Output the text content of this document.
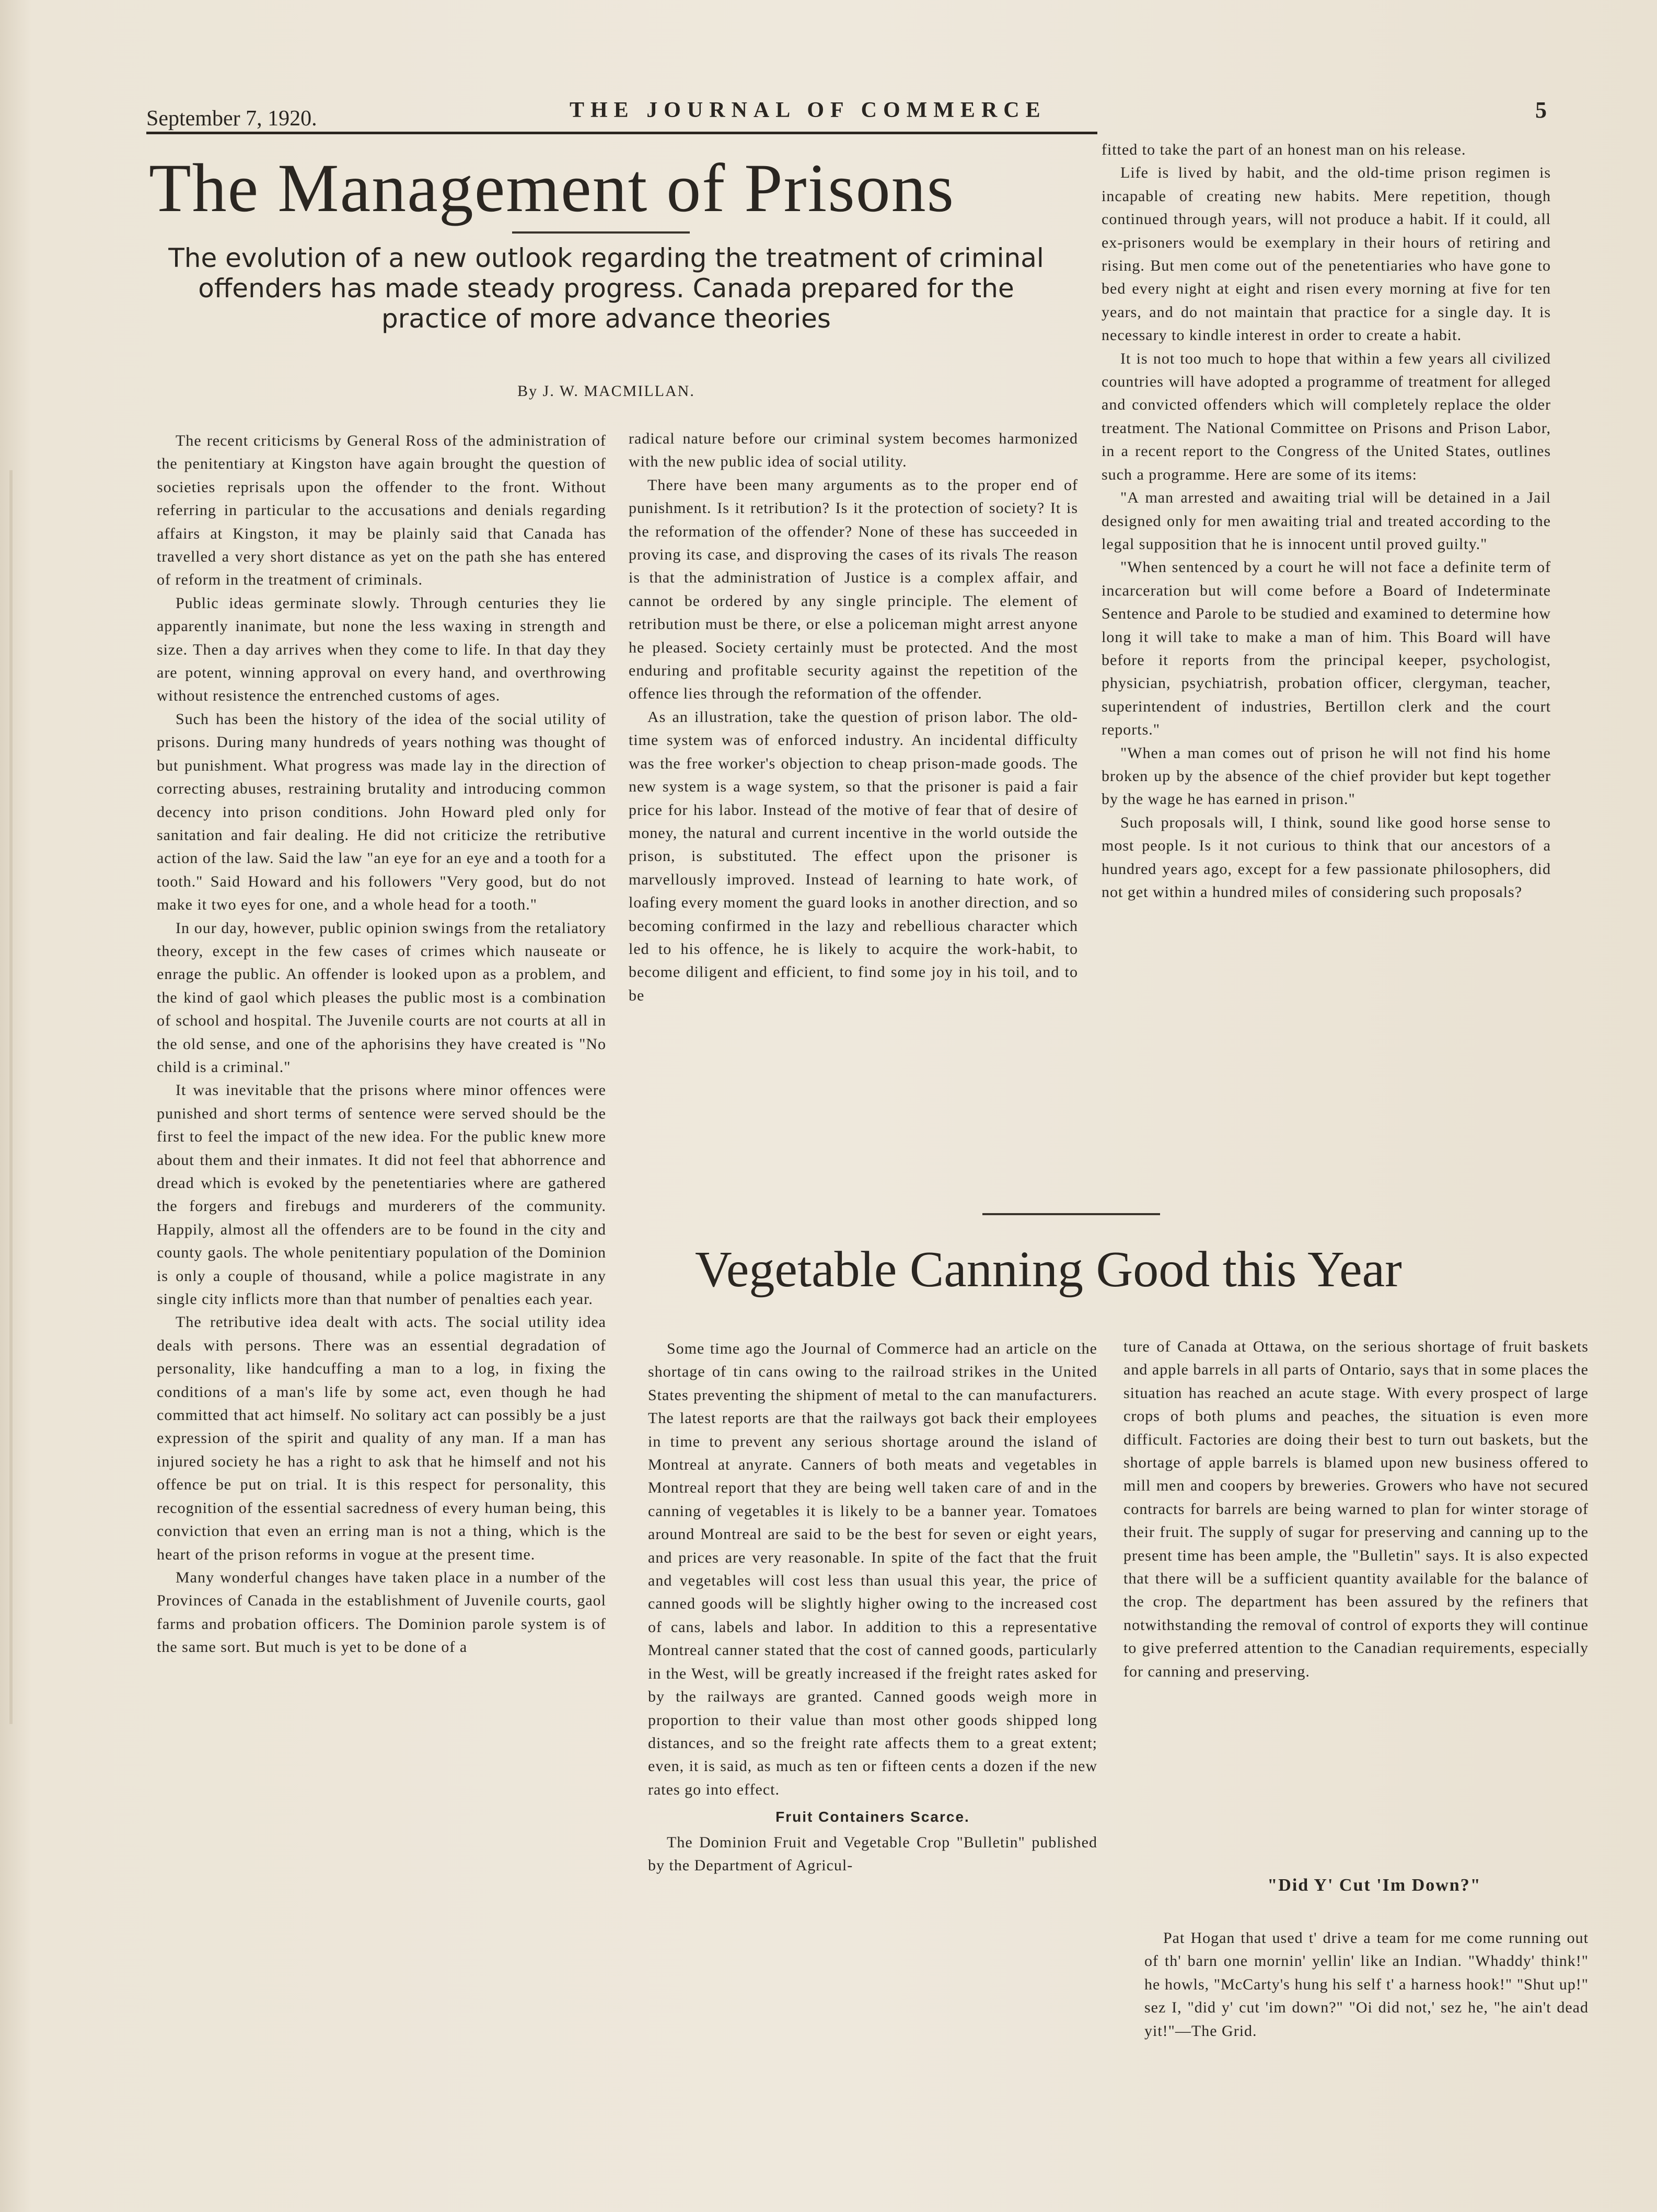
September 7, 1920.	THE JOURNAL OF COMMERCE	5
The Management of Prisons
The evolution of a new outlook regarding the treatment of criminal offenders has made steady progress. Canada prepared for the practice of more advance theories
By J. W. MACMILLAN.

The recent criticisms by General Ross of the administration of the penitentiary at Kingston have again brought the question of societies reprisals upon the offender to the front. Without referring in particular to the accusations and denials regarding affairs at Kingston, it may be plainly said that Canada has travelled a very short distance as yet on the path she has entered of reform in the treatment of criminals.

Public ideas germinate slowly. Through centuries they lie apparently inanimate, but none the less waxing in strength and size. Then a day arrives when they come to life. In that day they are potent, winning approval on every hand, and overthrowing without resistence the entrenched customs of ages.

Such has been the history of the idea of the social utility of prisons. During many hundreds of years nothing was thought of but punishment. What progress was made lay in the direction of correcting abuses, restraining brutality and introducing common decency into prison conditions. John Howard pled only for sanitation and fair dealing. He did not criticize the retributive action of the law. Said the law "an eye for an eye and a tooth for a tooth." Said Howard and his followers "Very good, but do not make it two eyes for one, and a whole head for a tooth."

In our day, however, public opinion swings from the retaliatory theory, except in the few cases of crimes which nauseate or enrage the public. An offender is looked upon as a problem, and the kind of gaol which pleases the public most is a combination of school and hospital. The Juvenile courts are not courts at all in the old sense, and one of the aphorisins they have created is "No child is a criminal."

It was inevitable that the prisons where minor offences were punished and short terms of sentence were served should be the first to feel the impact of the new idea. For the public knew more about them and their inmates. It did not feel that abhorrence and dread which is evoked by the penetentiaries where are gathered the forgers and firebugs and murderers of the community. Happily, almost all the offenders are to be found in the city and county gaols. The whole penitentiary population of the Dominion is only a couple of thousand, while a police magistrate in any single city inflicts more than that number of penalties each year.

The retributive idea dealt with acts. The social utility idea deals with persons. There was an essential degradation of personality, like handcuffing a man to a log, in fixing the conditions of a man's life by some act, even though he had committed that act himself. No solitary act can possibly be a just expression of the spirit and quality of any man. If a man has injured society he has a right to ask that he himself and not his offence be put on trial. It is this respect for personality, this recognition of the essential sacredness of every human being, this conviction that even an erring man is not a thing, which is the heart of the prison reforms in vogue at the present time.

Many wonderful changes have taken place in a number of the Provinces of Canada in the establishment of Juvenile courts, gaol farms and probation officers. The Dominion parole system is of the same sort. But much is yet to be done of a

radical nature before our criminal system becomes harmonized with the new public idea of social utility.

There have been many arguments as to the proper end of punishment. Is it retribution? Is it the protection of society? It is the reformation of the offender? None of these has succeeded in proving its case, and disproving the cases of its rivals The reason is that the administration of Justice is a complex affair, and cannot be ordered by any single principle. The element of retribution must be there, or else a policeman might arrest anyone he pleased. Society certainly must be protected. And the most enduring and profitable security against the repetition of the offence lies through the reformation of the offender.

As an illustration, take the question of prison labor. The old-time system was of enforced industry. An incidental difficulty was the free worker's objection to cheap prison-made goods. The new system is a wage system, so that the prisoner is paid a fair price for his labor. Instead of the motive of fear that of desire of money, the natural and current incentive in the world outside the prison, is substituted. The effect upon the prisoner is marvellously improved. Instead of learning to hate work, of loafing every moment the guard looks in another direction, and so becoming confirmed in the lazy and rebellious character which led to his offence, he is likely to acquire the work-habit, to become diligent and efficient, to find some joy in his toil, and to be

fitted to take the part of an honest man on his release.

Life is lived by habit, and the old-time prison regimen is incapable of creating new habits. Mere repetition, though continued through years, will not produce a habit. If it could, all ex-prisoners would be exemplary in their hours of retiring and rising. But men come out of the penetentiaries who have gone to bed every night at eight and risen every morning at five for ten years, and do not maintain that practice for a single day. It is necessary to kindle interest in order to create a habit.

It is not too much to hope that within a few years all civilized countries will have adopted a programme of treatment for alleged and convicted offenders which will completely replace the older treatment. The National Committee on Prisons and Prison Labor, in a recent report to the Congress of the United States, outlines such a programme. Here are some of its items:

"A man arrested and awaiting trial will be detained in a Jail designed only for men awaiting trial and treated according to the legal supposition that he is innocent until proved guilty."

"When sentenced by a court he will not face a definite term of incarceration but will come before a Board of Indeterminate Sentence and Parole to be studied and examined to determine how long it will take to make a man of him. This Board will have before it reports from the principal keeper, psychologist, physician, psychiatrish, probation officer, clergyman, teacher, superintendent of industries, Bertillon clerk and the court reports."

"When a man comes out of prison he will not find his home broken up by the absence of the chief provider but kept together by the wage he has earned in prison."

Such proposals will, I think, sound like good horse sense to most people. Is it not curious to think that our ancestors of a hundred years ago, except for a few passionate philosophers, did not get within a hundred miles of considering such proposals?

Vegetable Canning Good this Year

Some time ago the Journal of Commerce had an article on the shortage of tin cans owing to the railroad strikes in the United States preventing the shipment of metal to the can manufacturers. The latest reports are that the railways got back their employees in time to prevent any serious shortage around the island of Montreal at anyrate. Canners of both meats and vegetables in Montreal report that they are being well taken care of and in the canning of vegetables it is likely to be a banner year. Tomatoes around Montreal are said to be the best for seven or eight years, and prices are very reasonable. In spite of the fact that the fruit and vegetables will cost less than usual this year, the price of canned goods will be slightly higher owing to the increased cost of cans, labels and labor. In addition to this a representative Montreal canner stated that the cost of canned goods, particularly in the West, will be greatly increased if the freight rates asked for by the railways are granted. Canned goods weigh more in proportion to their value than most other goods shipped long distances, and so the freight rate affects them to a great extent; even, it is said, as much as ten or fifteen cents a dozen if the new rates go into effect.

Fruit Containers Scarce.

The Dominion Fruit and Vegetable Crop "Bulletin" published by the Department of Agricul-

ture of Canada at Ottawa, on the serious shortage of fruit baskets and apple barrels in all parts of Ontario, says that in some places the situation has reached an acute stage. With every prospect of large crops of both plums and peaches, the situation is even more difficult. Factories are doing their best to turn out baskets, but the shortage of apple barrels is blamed upon new business offered to mill men and coopers by breweries. Growers who have not secured contracts for barrels are being warned to plan for winter storage of their fruit. The supply of sugar for preserving and canning up to the present time has been ample, the "Bulletin" says. It is also expected that there will be a sufficient quantity available for the balance of the crop. The department has been assured by the refiners that notwithstanding the removal of control of exports they will continue to give preferred attention to the Canadian requirements, especially for canning and preserving.

"Did Y' Cut 'Im Down?"

Pat Hogan that used t' drive a team for me come running out of th' barn one mornin' yellin' like an Indian. "Whaddy' think!" he howls, "McCarty's hung his self t' a harness hook!" "Shut up!" sez I, "did y' cut 'im down?" "Oi did not,' sez he, "he ain't dead yit!"—The Grid.
